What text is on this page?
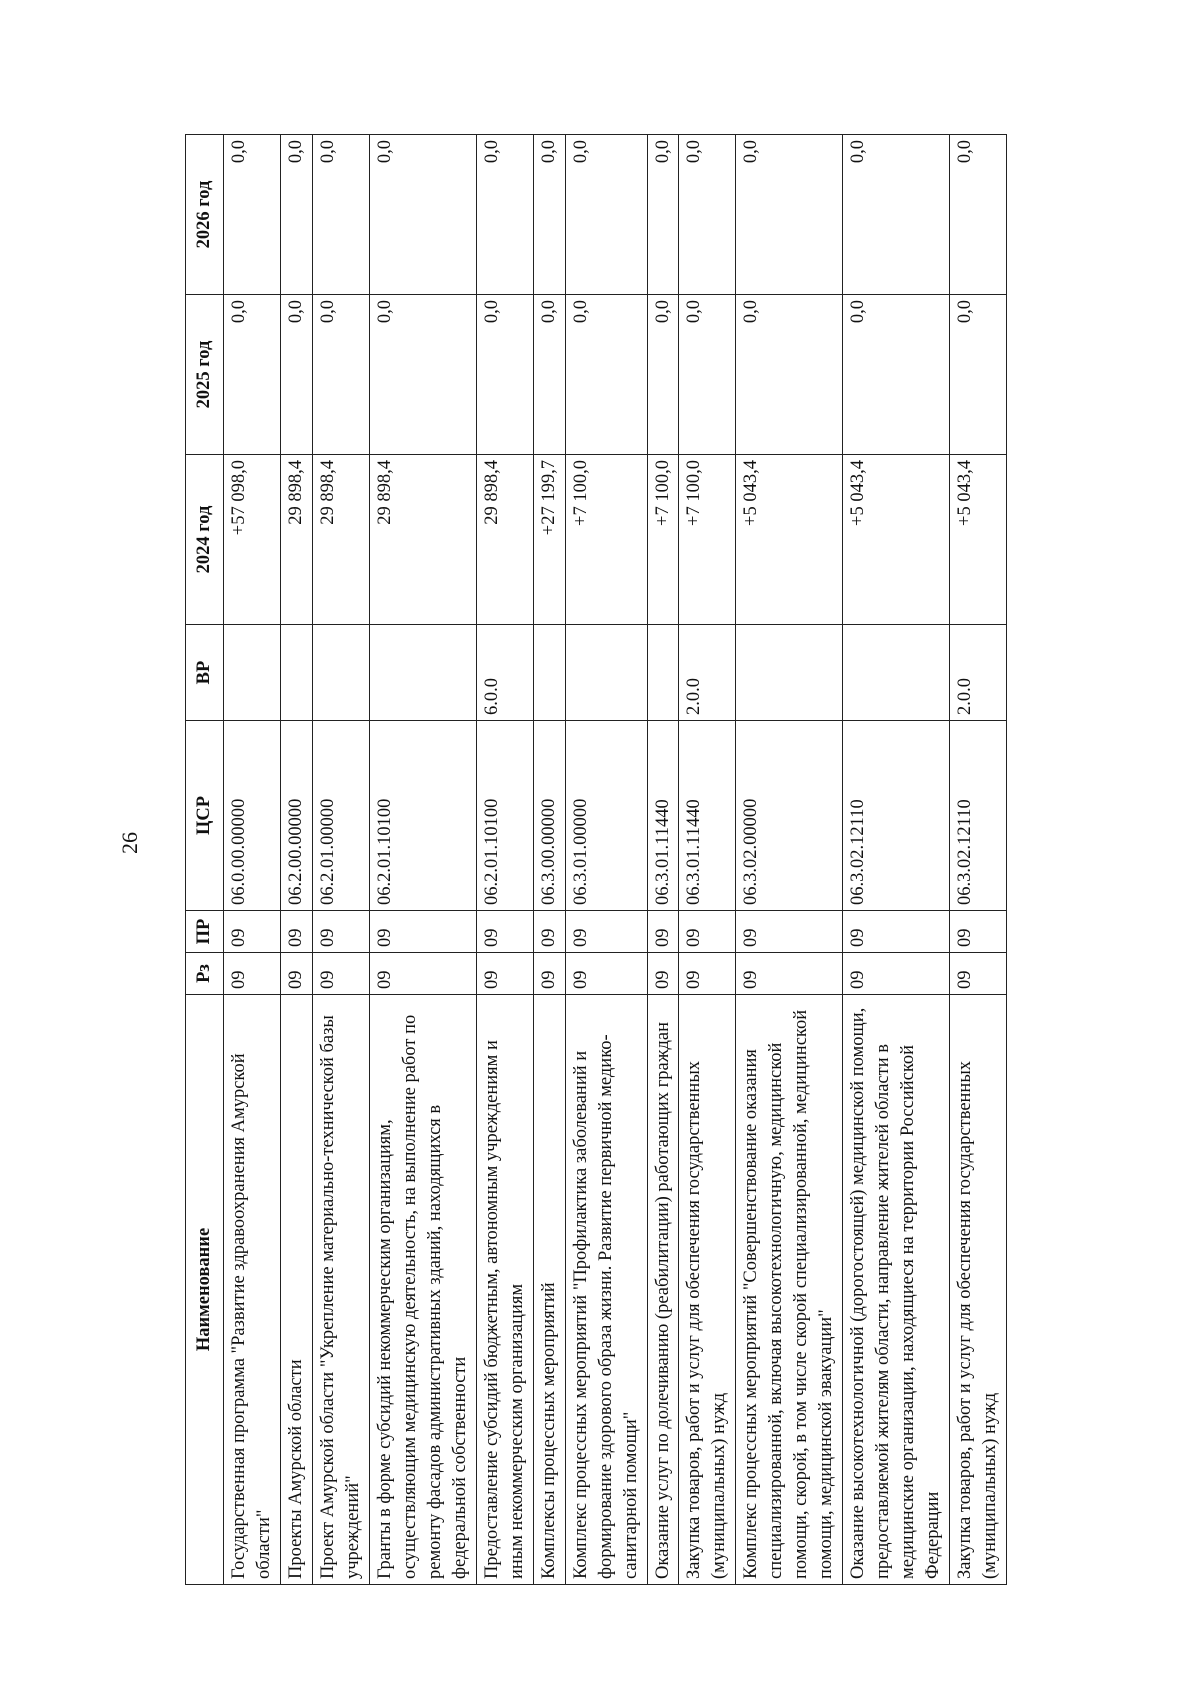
26
Наименование	Рз	ПР	ЦСР	ВР	2024 год	2025 год	2026 год
Государственная программа "Развитие здравоохранения Амурской области"	09	09	06.0.00.00000		+57 098,0	0,0	0,0
Проекты Амурской области	09	09	06.2.00.00000		29 898,4	0,0	0,0
Проект Амурской области "Укрепление материально-технической базы учреждений"	09	09	06.2.01.00000		29 898,4	0,0	0,0
Гранты в форме субсидий некоммерческим организациям, осуществляющим медицинскую деятельность, на выполнение работ по ремонту фасадов административных зданий, находящихся в федеральной собственности	09	09	06.2.01.10100		29 898,4	0,0	0,0
Предоставление субсидий бюджетным, автономным учреждениям и иным некоммерческим организациям	09	09	06.2.01.10100	6.0.0	29 898,4	0,0	0,0
Комплексы процессных мероприятий	09	09	06.3.00.00000		+27 199,7	0,0	0,0
Комплекс процессных мероприятий "Профилактика заболеваний и формирование здорового образа жизни. Развитие первичной медико-санитарной помощи"	09	09	06.3.01.00000		+7 100,0	0,0	0,0
Оказание услуг по долечиванию (реабилитации) работающих граждан	09	09	06.3.01.11440		+7 100,0	0,0	0,0
Закупка товаров, работ и услуг для обеспечения государственных (муниципальных) нужд	09	09	06.3.01.11440	2.0.0	+7 100,0	0,0	0,0
Комплекс процессных мероприятий "Совершенствование оказания специализированной, включая высокотехнологичную, медицинской помощи, скорой, в том числе скорой специализированной, медицинской помощи, медицинской эвакуации"	09	09	06.3.02.00000		+5 043,4	0,0	0,0
Оказание высокотехнологичной (дорогостоящей) медицинской помощи, предоставляемой жителям области, направление жителей области в медицинские организации, находящиеся на территории Российской Федерации	09	09	06.3.02.12110		+5 043,4	0,0	0,0
Закупка товаров, работ и услуг для обеспечения государственных (муниципальных) нужд	09	09	06.3.02.12110	2.0.0	+5 043,4	0,0	0,0
